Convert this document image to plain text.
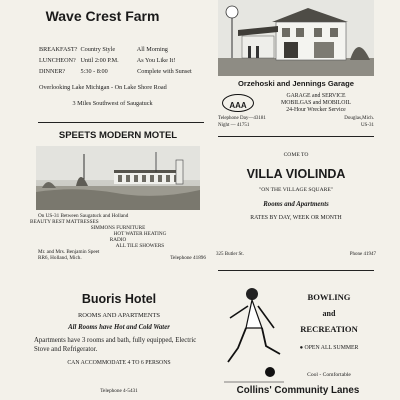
Wave Crest Farm
BREAKFAST? Country Style	All Morning
LUNCHEON? Until 2:00 P.M.	As You Like It!
DINNER? 5:30 - 8:00	Complete with Sunset
Overlooking Lake Michigan - On Lake Shore Road
3 Miles Southwest of Saugatuck
SPEETS MODERN MOTEL
On US-31 Between Saugatuck and Holland
BEAUTY REST MATTRESSES
SIMMONS FURNITURE
HOT WATER HEATING
RADIO
ALL TILE SHOWERS
Mr. and Mrs. Benjamin Speet
RR6, Holland, Mich.	Telephone 41896
Buoris Hotel
ROOMS AND APARTMENTS
All Rooms have Hot and Cold Water
Apartments have 3 rooms and bath, fully equipped, Electric Stove and Refrigerator.
CAN ACCOMMODATE 4 TO 6 PERSONS
Telephone 4-5431
Orzehoski and Jennings Garage
AAA
GARAGE and SERVICE
MOBILGAS and MOBILOIL
24-Hour Wrecker Service
Telephone Day—43181	Douglas,Mich.
Night — 41751	US-31
COME TO
VILLA VIOLINDA
"ON THE VILLAGE SQUARE"
Rooms and Apartments
RATES BY DAY, WEEK OR MONTH
325 Butler St.	Phone 41947
BOWLING
and
RECREATION
● OPEN ALL SUMMER
Cool - Comfortable
Collins' Community Lanes
